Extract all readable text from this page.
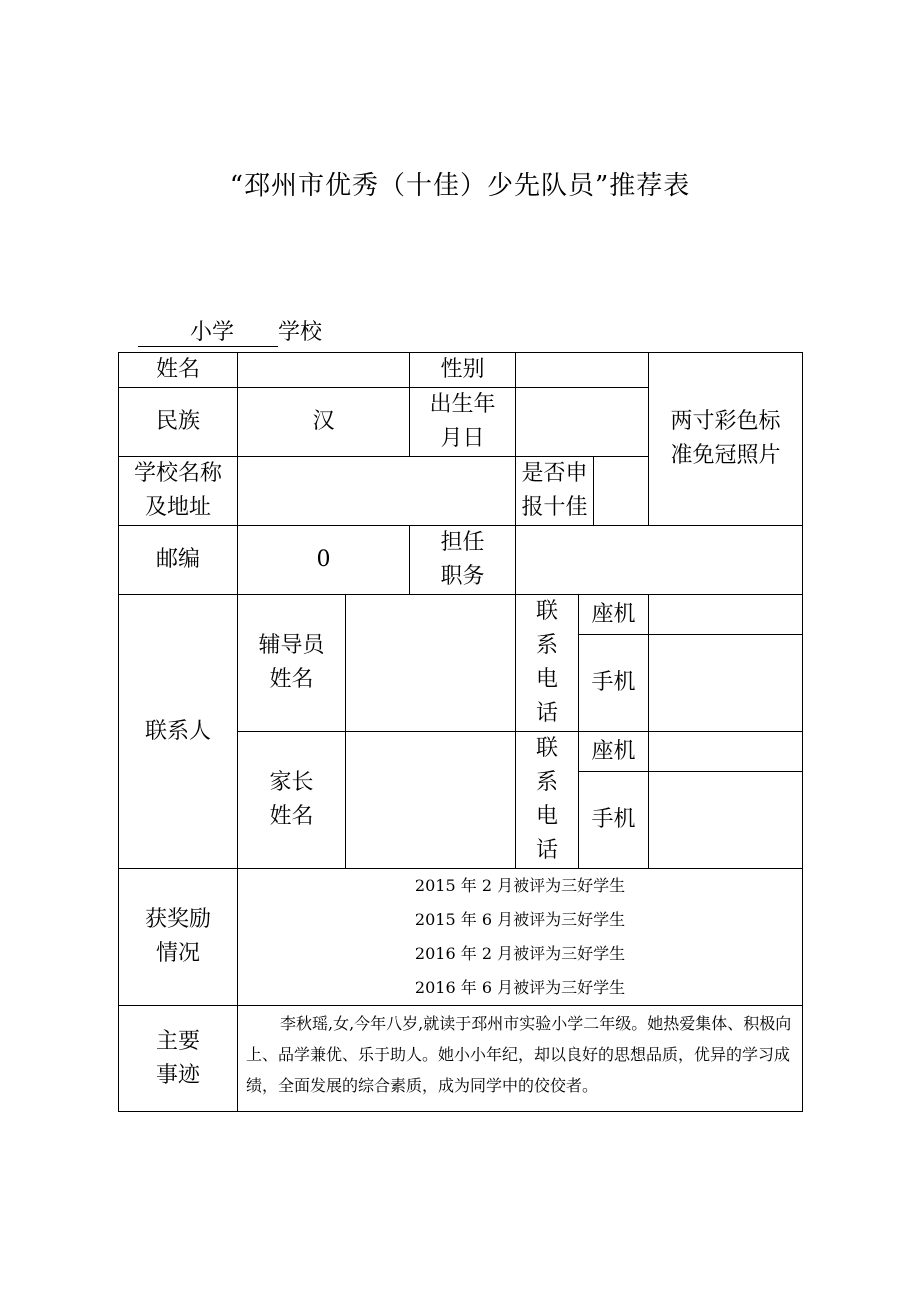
“邳州市优秀（十佳）少先队员”推荐表
小学 学校
姓名			性别				两寸彩色标准免冠照片

民族	汉		出生年月日				

学校名称及地址				是否申报十佳			

邮编	0		担任职务				

联系人	辅导员姓名			联系电话	座机		
					手机		

	家长姓名			联系电话	座机		
					手机		

获奖励情况	2015 年 2 月被评为三好学生
2015 年 6 月被评为三好学生
2016 年 2 月被评为三好学生
2016 年 6 月被评为三好学生						

主要事迹	李秋瑶,女,今年八岁,就读于邳州市实验小学二年级。她热爱集体、积极向上、品学兼优、乐于助人。她小小年纪，却以良好的思想品质，优异的学习成绩，全面发展的综合素质，成为同学中的佼佼者。						
